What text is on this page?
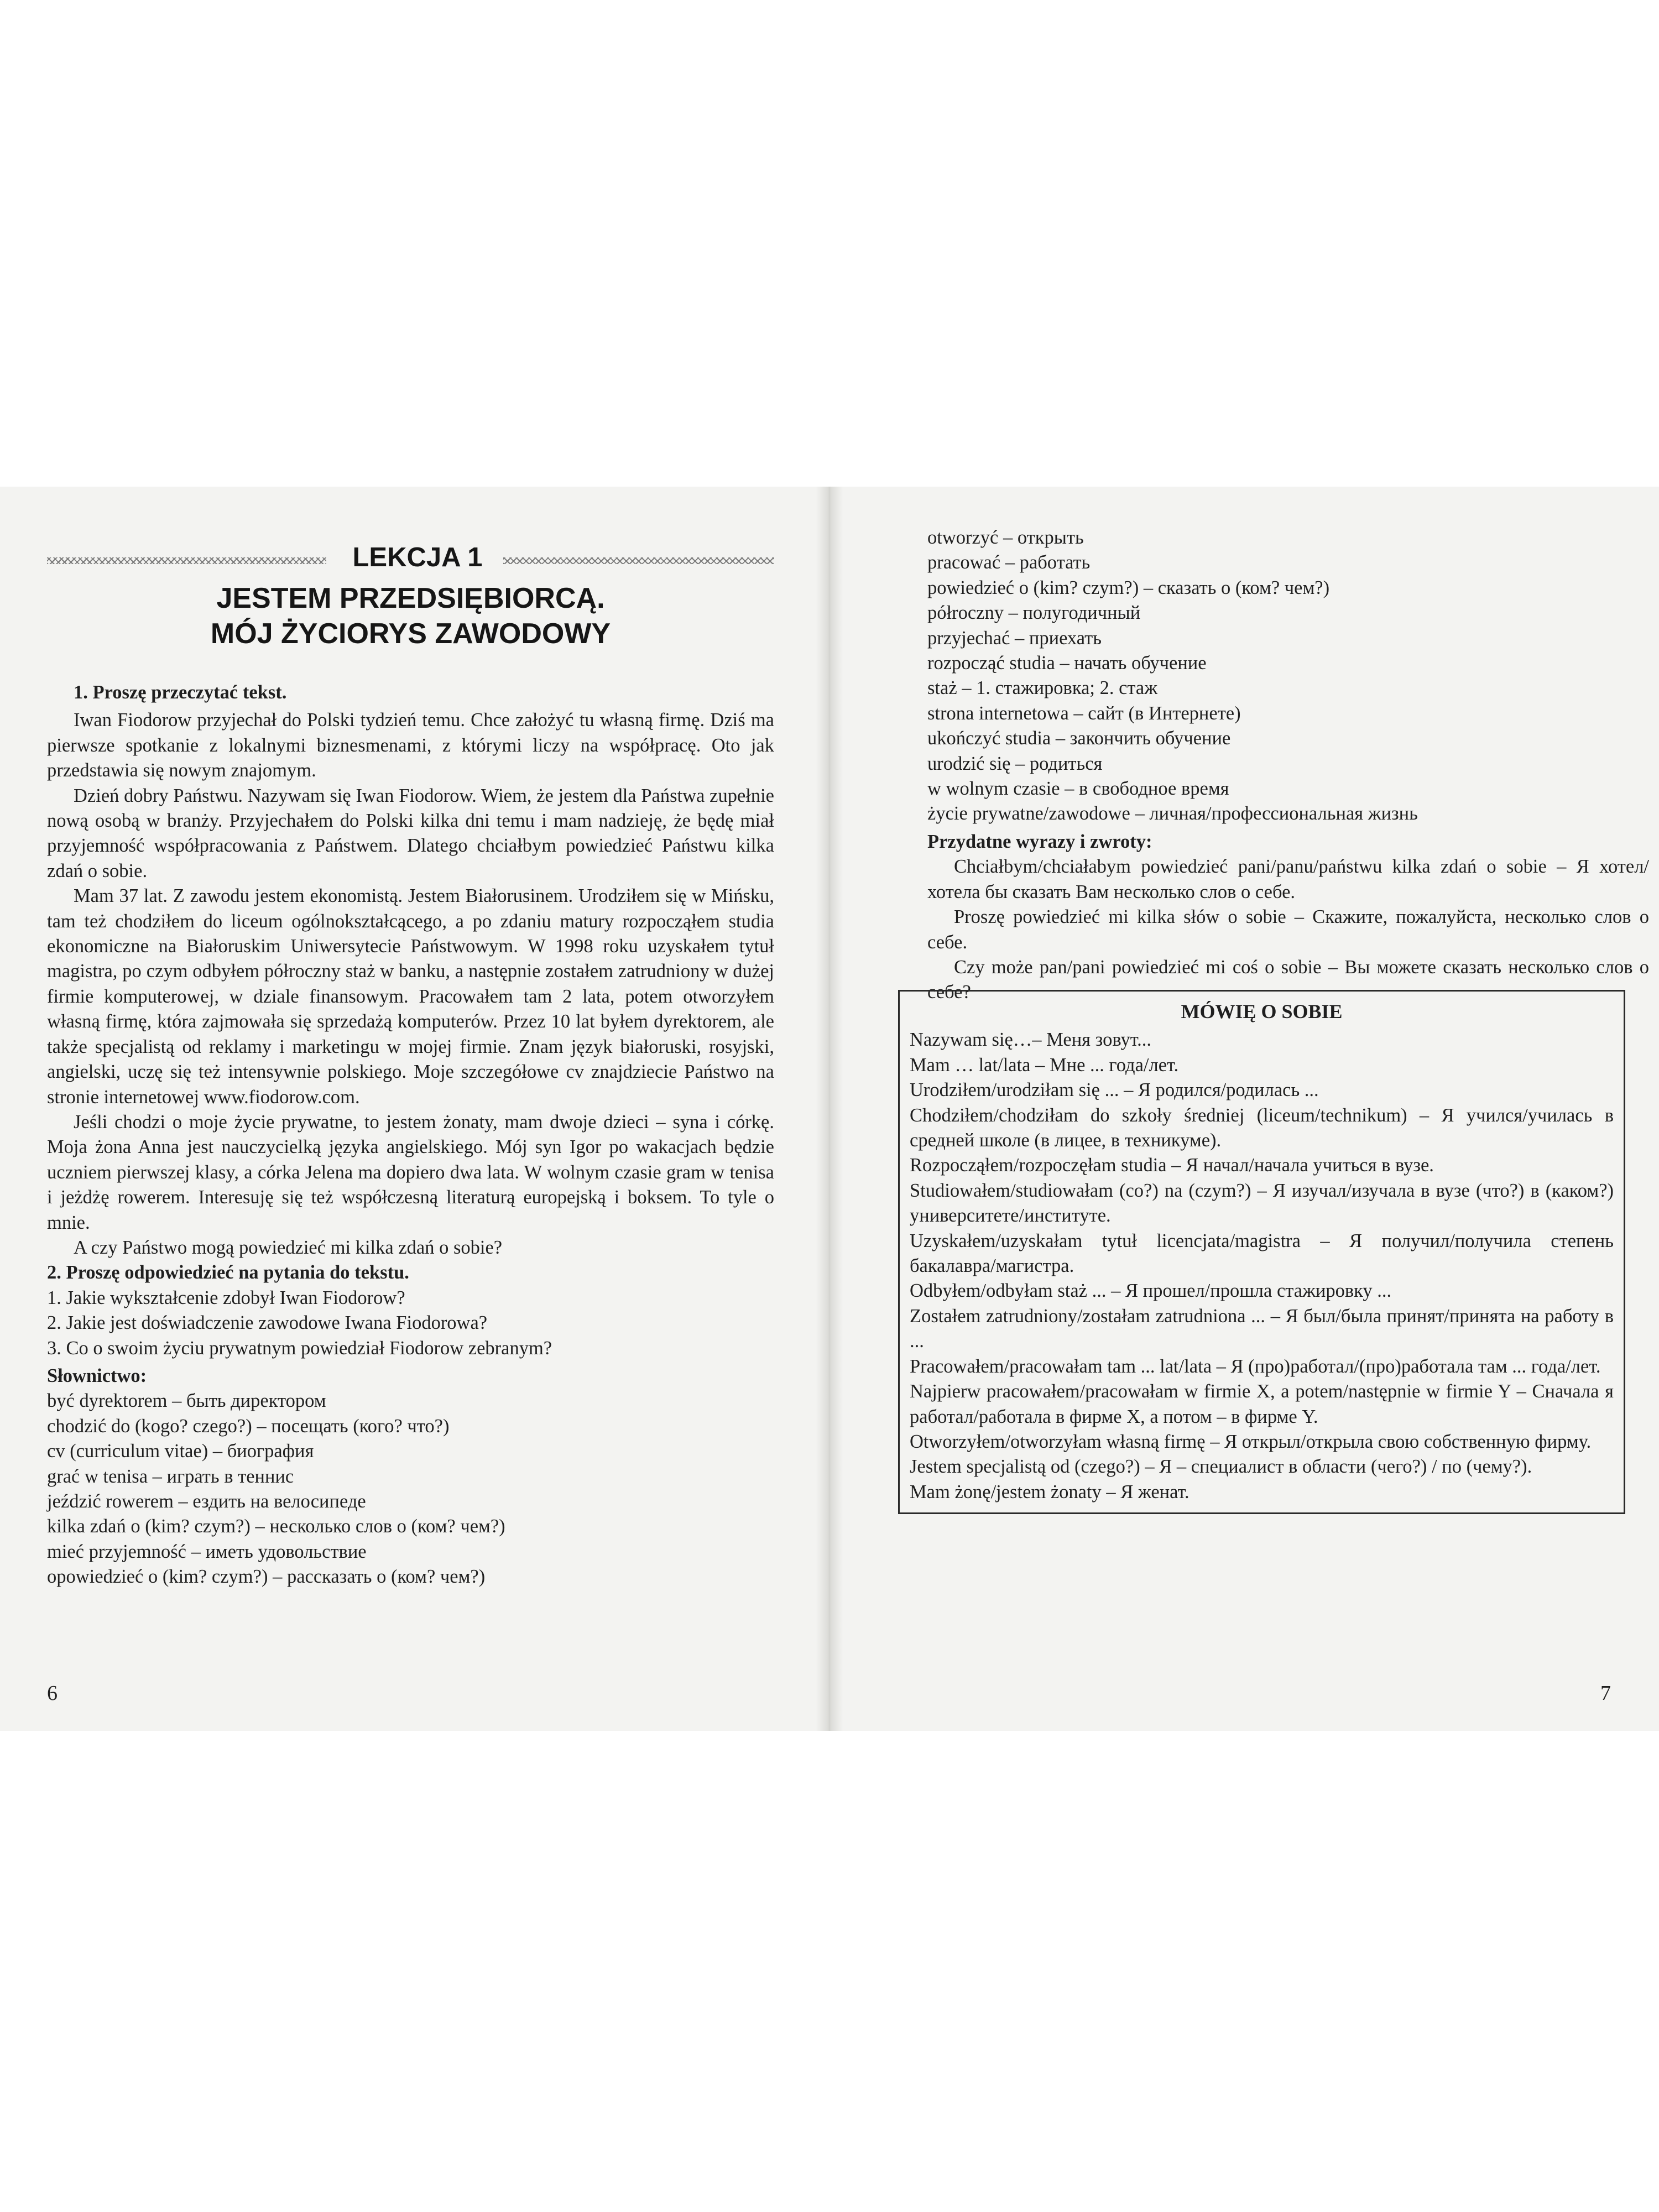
LEKCJA 1
JESTEM PRZEDSIĘBIORCĄ.
MÓJ ŻYCIORYS ZAWODOWY
1. Proszę przeczytać tekst.

Iwan Fiodorow przyjechał do Polski tydzień temu. Chce założyć tu własną firmę. Dziś ma pierwsze spotkanie z lokalnymi biznesmenami, z którymi liczy na współpracę. Oto jak przedstawia się nowym znajomym.

Dzień dobry Państwu. Nazywam się Iwan Fiodorow. Wiem, że jestem dla Państwa zupełnie nową osobą w branży. Przyjechałem do Polski kilka dni temu i mam nadzieję, że będę miał przyjemność współpracowania z Państwem. Dlatego chciałbym powiedzieć Państwu kilka zdań o sobie.

Mam 37 lat. Z zawodu jestem ekonomistą. Jestem Białorusinem. Urodziłem się w Mińsku, tam też chodziłem do liceum ogólnokształcącego, a po zdaniu matury rozpocząłem studia ekonomiczne na Białoruskim Uniwersytecie Państwowym. W 1998 roku uzyskałem tytuł magistra, po czym odbyłem półroczny staż w banku, a następnie zostałem zatrudniony w dużej firmie komputerowej, w dziale finansowym. Pracowałem tam 2 lata, potem otworzyłem własną firmę, która zajmowała się sprzedażą komputerów. Przez 10 lat byłem dyrektorem, ale także specjalistą od reklamy i marketingu w mojej firmie. Znam język białoruski, rosyjski, angielski, uczę się też intensywnie polskiego. Moje szczegółowe cv znajdziecie Państwo na stronie internetowej www.fiodorow.com.

Jeśli chodzi o moje życie prywatne, to jestem żonaty, mam dwoje dzieci – syna i córkę. Moja żona Anna jest nauczycielką języka angielskiego. Mój syn Igor po wakacjach będzie uczniem pierwszej klasy, a córka Jelena ma dopiero dwa lata. W wolnym czasie gram w tenisa i jeżdżę rowerem. Interesuję się też współczesną literaturą europejską i boksem. To tyle o mnie.

A czy Państwo mogą powiedzieć mi kilka zdań o sobie?

2. Proszę odpowiedzieć na pytania do tekstu.
1. Jakie wykształcenie zdobył Iwan Fiodorow?
2. Jakie jest doświadczenie zawodowe Iwana Fiodorowa?
3. Co o swoim życiu prywatnym powiedział Fiodorow zebranym?
Słownictwo:
być dyrektorem – быть директором
chodzić do (kogo? czego?) – посещать (кого? что?)
cv (curriculum vitae) – биография
grać w tenisa – играть в теннис
jeździć rowerem – ездить на велосипеде
kilka zdań o (kim? czym?) – несколько слов о (ком? чем?)
mieć przyjemność – иметь удовольствие
opowiedzieć o (kim? czym?) – рассказать о (ком? чем?)
6
otworzyć – открыть
pracować – работать
powiedzieć o (kim? czym?) – сказать о (ком? чем?)
półroczny – полугодичный
przyjechać – приехать
rozpocząć studia – начать обучение
staż – 1. стажировка; 2. стаж
strona internetowa – сайт (в Интернете)
ukończyć studia – закончить обучение
urodzić się – родиться
w wolnym czasie – в свободное время
życie prywatne/zawodowe – личная/профессиональная жизнь
Przydatne wyrazy i zwroty:

Chciałbym/chciałabym powiedzieć pani/panu/państwu kilka zdań o sobie – Я хотел/хотела бы сказать Вам несколько слов о себе.

Proszę powiedzieć mi kilka słów o sobie – Скажите, пожалуйста, несколько слов о себе.

Czy może pan/pani powiedzieć mi coś o sobie – Вы можете сказать несколько слов о себе?

MÓWIĘ O SOBIE
Nazywam się…– Меня зовут...
Mam … lat/lata – Мне ... года/лет.
Urodziłem/urodziłam się ... – Я родился/родилась ...
Chodziłem/chodziłam do szkoły średniej (liceum/technikum) – Я учился/училась в средней школе (в лицее, в техникуме).
Rozpocząłem/rozpoczęłam studia – Я начал/начала учиться в вузе.
Studiowałem/studiowałam (co?) na (czym?) – Я изучал/изучала в вузе (что?) в (каком?) университете/институте.
Uzyskałem/uzyskałam tytuł licencjata/magistra – Я получил/получила степень бакалавра/магистра.
Odbyłem/odbyłam staż ... – Я прошел/прошла стажировку ...
Zostałem zatrudniony/zostałam zatrudniona ... – Я был/была принят/принята на работу в ...
Pracowałem/pracowałam tam ... lat/lata – Я (про)работал/(про)работала там ... года/лет.
Najpierw pracowałem/pracowałam w firmie X, a potem/następnie w firmie Y – Сначала я работал/работала в фирме X, а потом – в фирме Y.
Otworzyłem/otworzyłam własną firmę – Я открыл/открыла свою собственную фирму.
Jestem specjalistą od (czego?) – Я – специалист в области (чего?) / по (чему?).
Mam żonę/jestem żonaty – Я женат.
7
